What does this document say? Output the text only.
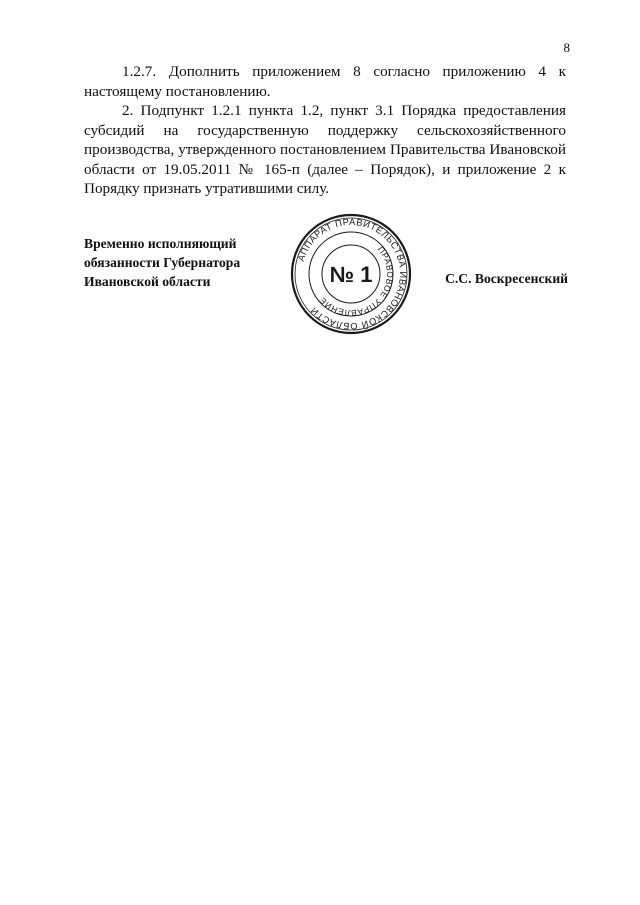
8

1.2.7. Дополнить приложением 8 согласно приложению 4 к настоящему постановлению.

2. Подпункт 1.2.1 пункта 1.2, пункт 3.1 Порядка предоставления субсидий на государственную поддержку сельскохозяйственного производства, утвержденного постановлением Правительства Ивановской области от 19.05.2011 № 165-п (далее – Порядок), и приложение 2 к Порядку признать утратившими силу.

Временно исполняющий
обязанности Губернатора
Ивановской области
АППАРАТ ПРАВИТЕЛЬСТВА ИВАНОВСКОЙ ОБЛАСТИ
ПРАВОВОЕ УПРАВЛЕНИЕ
№ 1	С.С. Воскресенский
